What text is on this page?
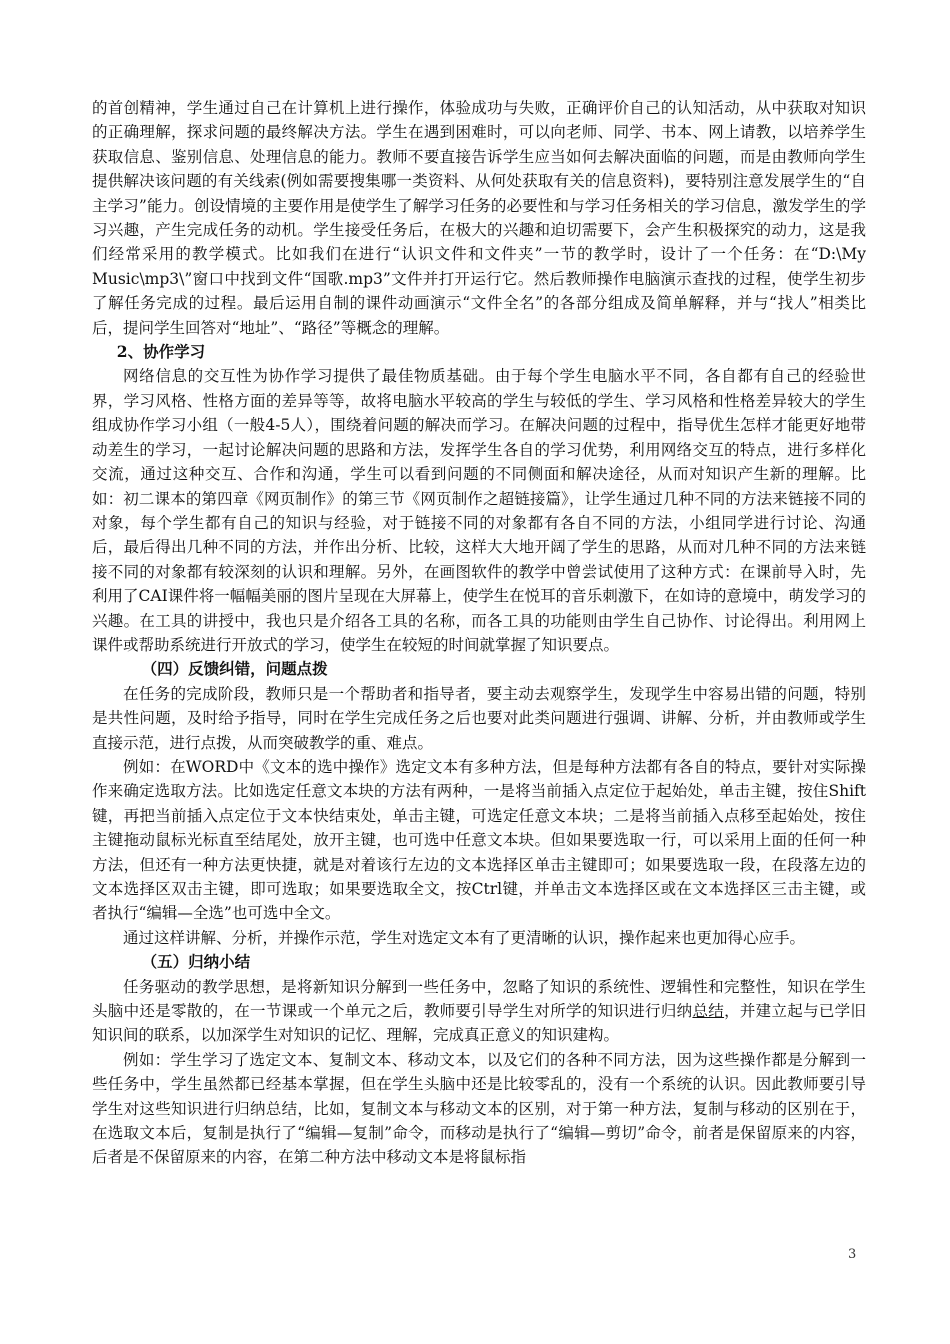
的首创精神，学生通过自己在计算机上进行操作，体验成功与失败，正确评价自己的认知活动，从中获取对知识的正确理解，探求问题的最终解决方法。学生在遇到困难时，可以向老师、同学、书本、网上请教，以培养学生获取信息、鉴别信息、处理信息的能力。教师不要直接告诉学生应当如何去解决面临的问题，而是由教师向学生提供解决该问题的有关线索(例如需要搜集哪一类资料、从何处获取有关的信息资料)，要特别注意发展学生的“自主学习”能力。创设情境的主要作用是使学生了解学习任务的必要性和与学习任务相关的学习信息，激发学生的学习兴趣，产生完成任务的动机。学生接受任务后，在极大的兴趣和迫切需要下，会产生积极探究的动力，这是我们经常采用的教学模式。比如我们在进行“认识文件和文件夹”一节的教学时，设计了一个任务：在“D:\My Music\mp3\”窗口中找到文件“国歌.mp3”文件并打开运行它。然后教师操作电脑演示查找的过程，使学生初步了解任务完成的过程。最后运用自制的课件动画演示“文件全名”的各部分组成及简单解释，并与“找人”相类比后，提问学生回答对“地址”、“路径”等概念的理解。

2、协作学习

网络信息的交互性为协作学习提供了最佳物质基础。由于每个学生电脑水平不同，各自都有自己的经验世界，学习风格、性格方面的差异等等，故将电脑水平较高的学生与较低的学生、学习风格和性格差异较大的学生组成协作学习小组（一般4-5人），围绕着问题的解决而学习。在解决问题的过程中，指导优生怎样才能更好地带动差生的学习，一起讨论解决问题的思路和方法，发挥学生各自的学习优势，利用网络交互的特点，进行多样化交流，通过这种交互、合作和沟通，学生可以看到问题的不同侧面和解决途径，从而对知识产生新的理解。比如：初二课本的第四章《网页制作》的第三节《网页制作之超链接篇》，让学生通过几种不同的方法来链接不同的对象，每个学生都有自己的知识与经验，对于链接不同的对象都有各自不同的方法，小组同学进行讨论、沟通后，最后得出几种不同的方法，并作出分析、比较，这样大大地开阔了学生的思路，从而对几种不同的方法来链接不同的对象都有较深刻的认识和理解。另外，在画图软件的教学中曾尝试使用了这种方式：在课前导入时，先利用了CAI课件将一幅幅美丽的图片呈现在大屏幕上，使学生在悦耳的音乐刺激下，在如诗的意境中，萌发学习的兴趣。在工具的讲授中，我也只是介绍各工具的名称，而各工具的功能则由学生自己协作、讨论得出。利用网上课件或帮助系统进行开放式的学习，使学生在较短的时间就掌握了知识要点。

（四）反馈纠错，问题点拨

在任务的完成阶段，教师只是一个帮助者和指导者，要主动去观察学生，发现学生中容易出错的问题，特别是共性问题，及时给予指导，同时在学生完成任务之后也要对此类问题进行强调、讲解、分析，并由教师或学生直接示范，进行点拨，从而突破教学的重、难点。

例如：在WORD中《文本的选中操作》选定文本有多种方法，但是每种方法都有各自的特点，要针对实际操作来确定选取方法。比如选定任意文本块的方法有两种，一是将当前插入点定位于起始处，单击主键，按住Shift键，再把当前插入点定位于文本快结束处，单击主键，可选定任意文本块；二是将当前插入点移至起始处，按住主键拖动鼠标光标直至结尾处，放开主键，也可选中任意文本块。但如果要选取一行，可以采用上面的任何一种方法，但还有一种方法更快捷，就是对着该行左边的文本选择区单击主键即可；如果要选取一段，在段落左边的文本选择区双击主键，即可选取；如果要选取全文，按Ctrl键，并单击文本选择区或在文本选择区三击主键，或者执行“编辑—全选”也可选中全文。

通过这样讲解、分析，并操作示范，学生对选定文本有了更清晰的认识，操作起来也更加得心应手。

（五）归纳小结

任务驱动的教学思想，是将新知识分解到一些任务中，忽略了知识的系统性、逻辑性和完整性，知识在学生头脑中还是零散的，在一节课或一个单元之后，教师要引导学生对所学的知识进行归纳总结，并建立起与已学旧知识间的联系，以加深学生对知识的记忆、理解，完成真正意义的知识建构。

例如：学生学习了选定文本、复制文本、移动文本，以及它们的各种不同方法，因为这些操作都是分解到一些任务中，学生虽然都已经基本掌握，但在学生头脑中还是比较零乱的，没有一个系统的认识。因此教师要引导学生对这些知识进行归纳总结，比如，复制文本与移动文本的区别，对于第一种方法，复制与移动的区别在于，在选取文本后，复制是执行了“编辑—复制”命令，而移动是执行了“编辑—剪切”命令，前者是保留原来的内容，后者是不保留原来的内容，在第二种方法中移动文本是将鼠标指

3
